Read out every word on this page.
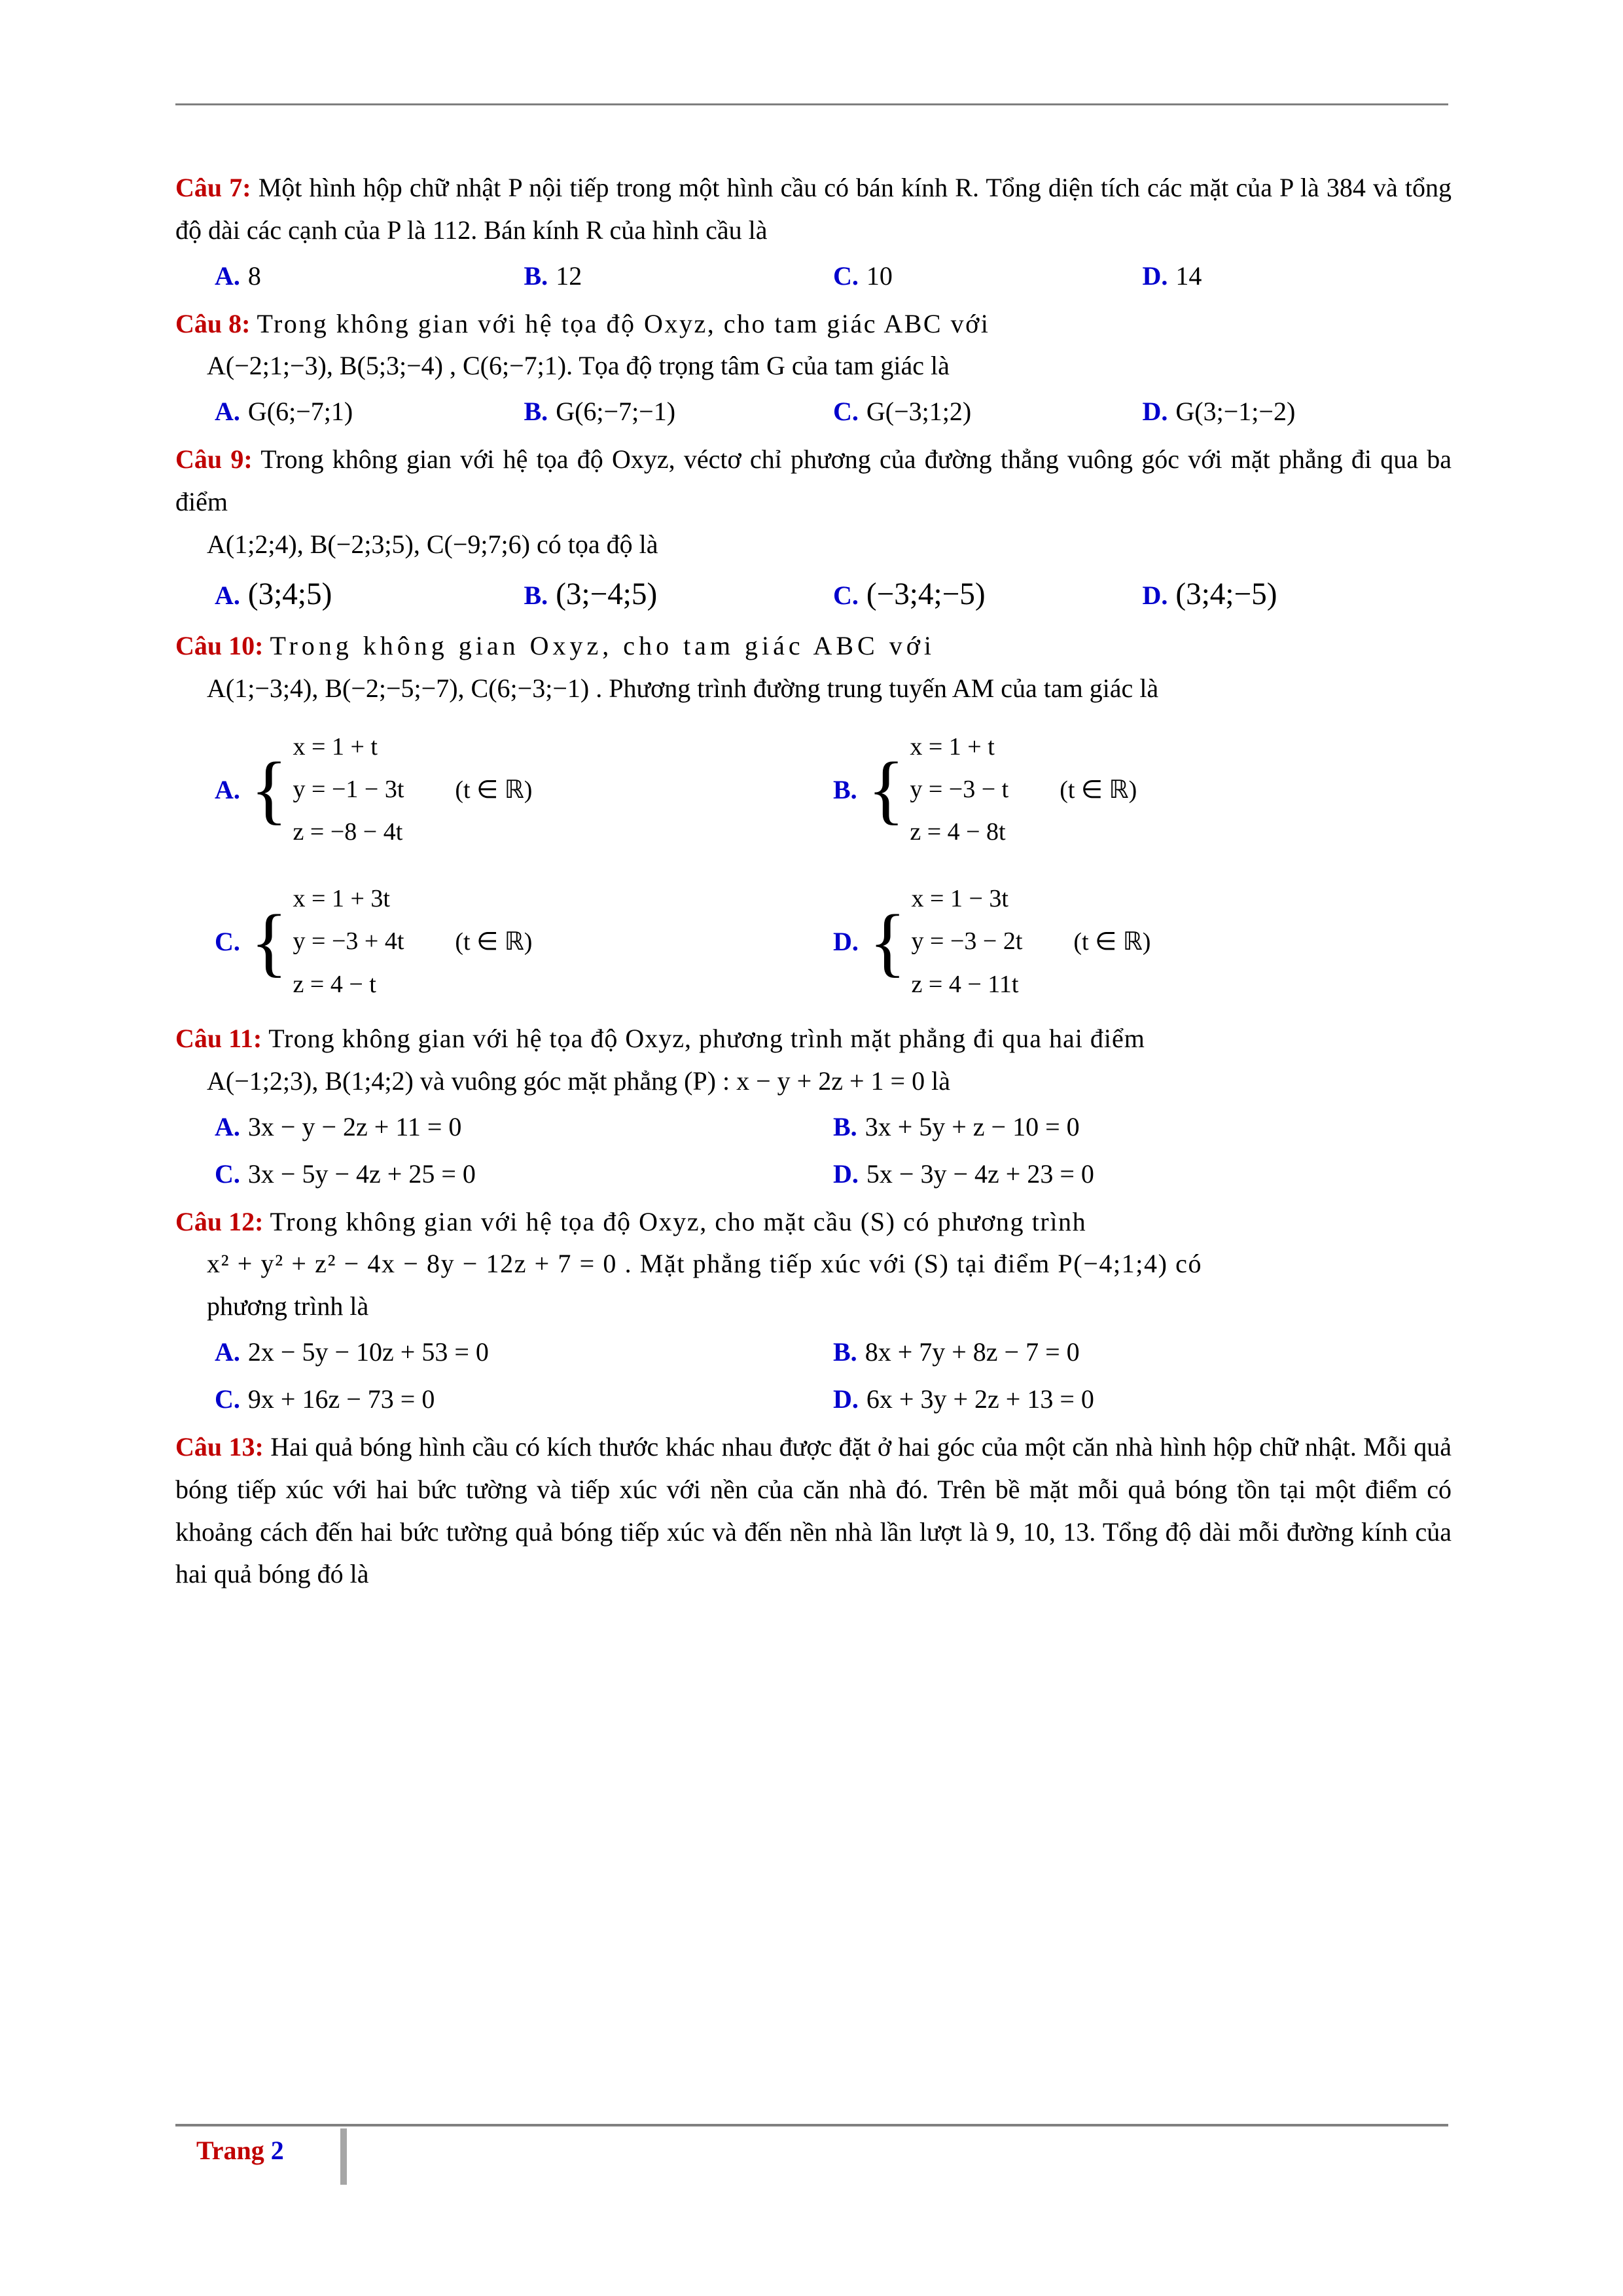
Câu 7: Một hình hộp chữ nhật P nội tiếp trong một hình cầu có bán kính R. Tổng diện tích các mặt của P là 384 và tổng độ dài các cạnh của P là 112. Bán kính R của hình cầu là
A. 8	B. 12	C. 10	D. 14
Câu 8: Trong không gian với hệ tọa độ Oxyz, cho tam giác ABC với
A(−2;1;−3), B(5;3;−4) , C(6;−7;1). Tọa độ trọng tâm G của tam giác là
A. G(6;−7;1)	B. G(6;−7;−1)	C. G(−3;1;2)	D. G(3;−1;−2)
Câu 9: Trong không gian với hệ tọa độ Oxyz, véctơ chỉ phương của đường thẳng vuông góc với mặt phẳng đi qua ba điểm
A(1;2;4), B(−2;3;5), C(−9;7;6) có tọa độ là
A. (3;4;5)	B. (3;−4;5)	C. (−3;4;−5)	D. (3;4;−5)
Câu 10: Trong không gian Oxyz, cho tam giác ABC với
A(1;−3;4), B(−2;−5;−7), C(6;−3;−1) . Phương trình đường trung tuyến AM của tam giác là
A. { x = 1 + t
y = −1 − 3t
z = −8 − 4t
(t ∈ ℝ)	B. { x = 1 + t
y = −3 − t
z = 4 − 8t
(t ∈ ℝ)
C. { x = 1 + 3t
y = −3 + 4t
z = 4 − t
(t ∈ ℝ)	D. { x = 1 − 3t
y = −3 − 2t
z = 4 − 11t
(t ∈ ℝ)
Câu 11: Trong không gian với hệ tọa độ Oxyz, phương trình mặt phẳng đi qua hai điểm
A(−1;2;3), B(1;4;2) và vuông góc mặt phẳng (P) : x − y + 2z + 1 = 0 là
A. 3x − y − 2z + 11 = 0	B. 3x + 5y + z − 10 = 0
C. 3x − 5y − 4z + 25 = 0	D. 5x − 3y − 4z + 23 = 0
Câu 12: Trong không gian với hệ tọa độ Oxyz, cho mặt cầu (S) có phương trình
x² + y² + z² − 4x − 8y − 12z + 7 = 0 . Mặt phẳng tiếp xúc với (S) tại điểm P(−4;1;4) có
phương trình là
A. 2x − 5y − 10z + 53 = 0	B. 8x + 7y + 8z − 7 = 0
C. 9x + 16z − 73 = 0	D. 6x + 3y + 2z + 13 = 0
Câu 13: Hai quả bóng hình cầu có kích thước khác nhau được đặt ở hai góc của một căn nhà hình hộp chữ nhật. Mỗi quả bóng tiếp xúc với hai bức tường và tiếp xúc với nền của căn nhà đó. Trên bề mặt mỗi quả bóng tồn tại một điểm có khoảng cách đến hai bức tường quả bóng tiếp xúc và đến nền nhà lần lượt là 9, 10, 13. Tổng độ dài mỗi đường kính của hai quả bóng đó là
Trang 2
